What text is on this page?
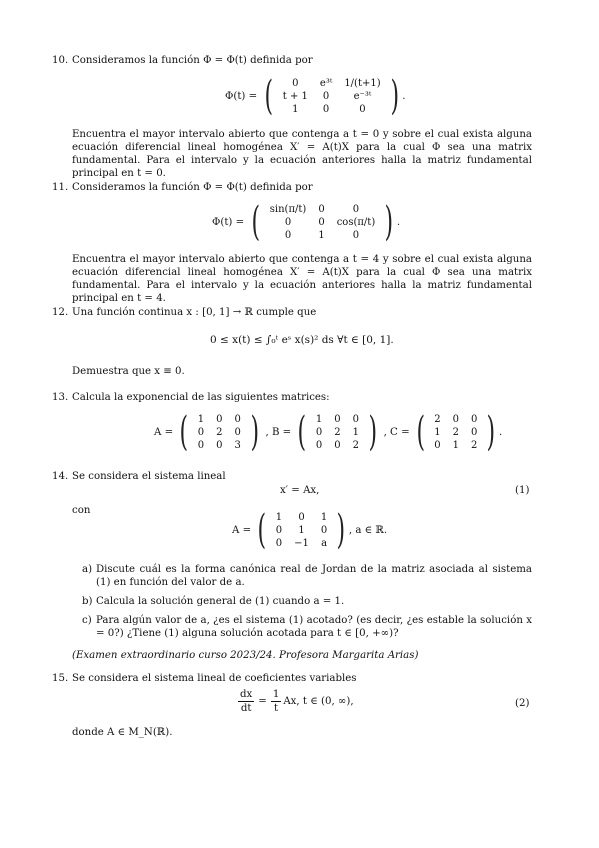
10. Consideramos la función Φ = Φ(t) definida por
Φ(t) = ( 0	e³ᵗ	1/(t+1)
t + 1	0	e⁻³ᵗ
1	0	0 ) .
Encuentra el mayor intervalo abierto que contenga a t = 0 y sobre el cual exista alguna ecuación diferencial lineal homogénea X′ = A(t)X para la cual Φ sea una matrix fundamental. Para el intervalo y la ecuación anteriores halla la matriz fundamental principal en t = 0.
11. Consideramos la función Φ = Φ(t) definida por
Φ(t) = ( sin(π/t)	0	0
0	0	cos(π/t)
0	1	0 ) .
Encuentra el mayor intervalo abierto que contenga a t = 4 y sobre el cual exista alguna ecuación diferencial lineal homogénea X′ = A(t)X para la cual Φ sea una matrix fundamental. Para el intervalo y la ecuación anteriores halla la matriz fundamental principal en t = 4.
12. Una función continua x : [0, 1] → ℝ cumple que
0 ≤ x(t) ≤ ∫₀ᵗ eˢ x(s)² ds ∀t ∈ [0, 1].
Demuestra que x ≡ 0.
13. Calcula la exponencial de las siguientes matrices:
A = ( 1	0	0
0	2	0
0	0	3 ) , B = ( 1	0	0
0	2	1
0	0	2 ) , C = ( 2	0	0
1	2	0
0	1	2 ) .
14. Se considera el sistema lineal
x′ = Ax,	(1)
con
A = ( 1	0	1
0	1	0
0	−1	a ) , a ∈ ℝ.
a) Discute cuál es la forma canónica real de Jordan de la matriz asociada al sistema (1) en función del valor de a.
b) Calcula la solución general de (1) cuando a = 1.
c) Para algún valor de a, ¿es el sistema (1) acotado? (es decir, ¿es estable la solución x = 0?) ¿Tiene (1) alguna solución acotada para t ∈ [0, +∞)?
(Examen extraordinario curso 2023/24. Profesora Margarita Arias)
15. Se considera el sistema lineal de coeficientes variables
$\frac{dx}{dt} = \frac{1}{t} Ax$, t ∈ (0, ∞),	(2)
donde A ∈ M_N(ℝ).
